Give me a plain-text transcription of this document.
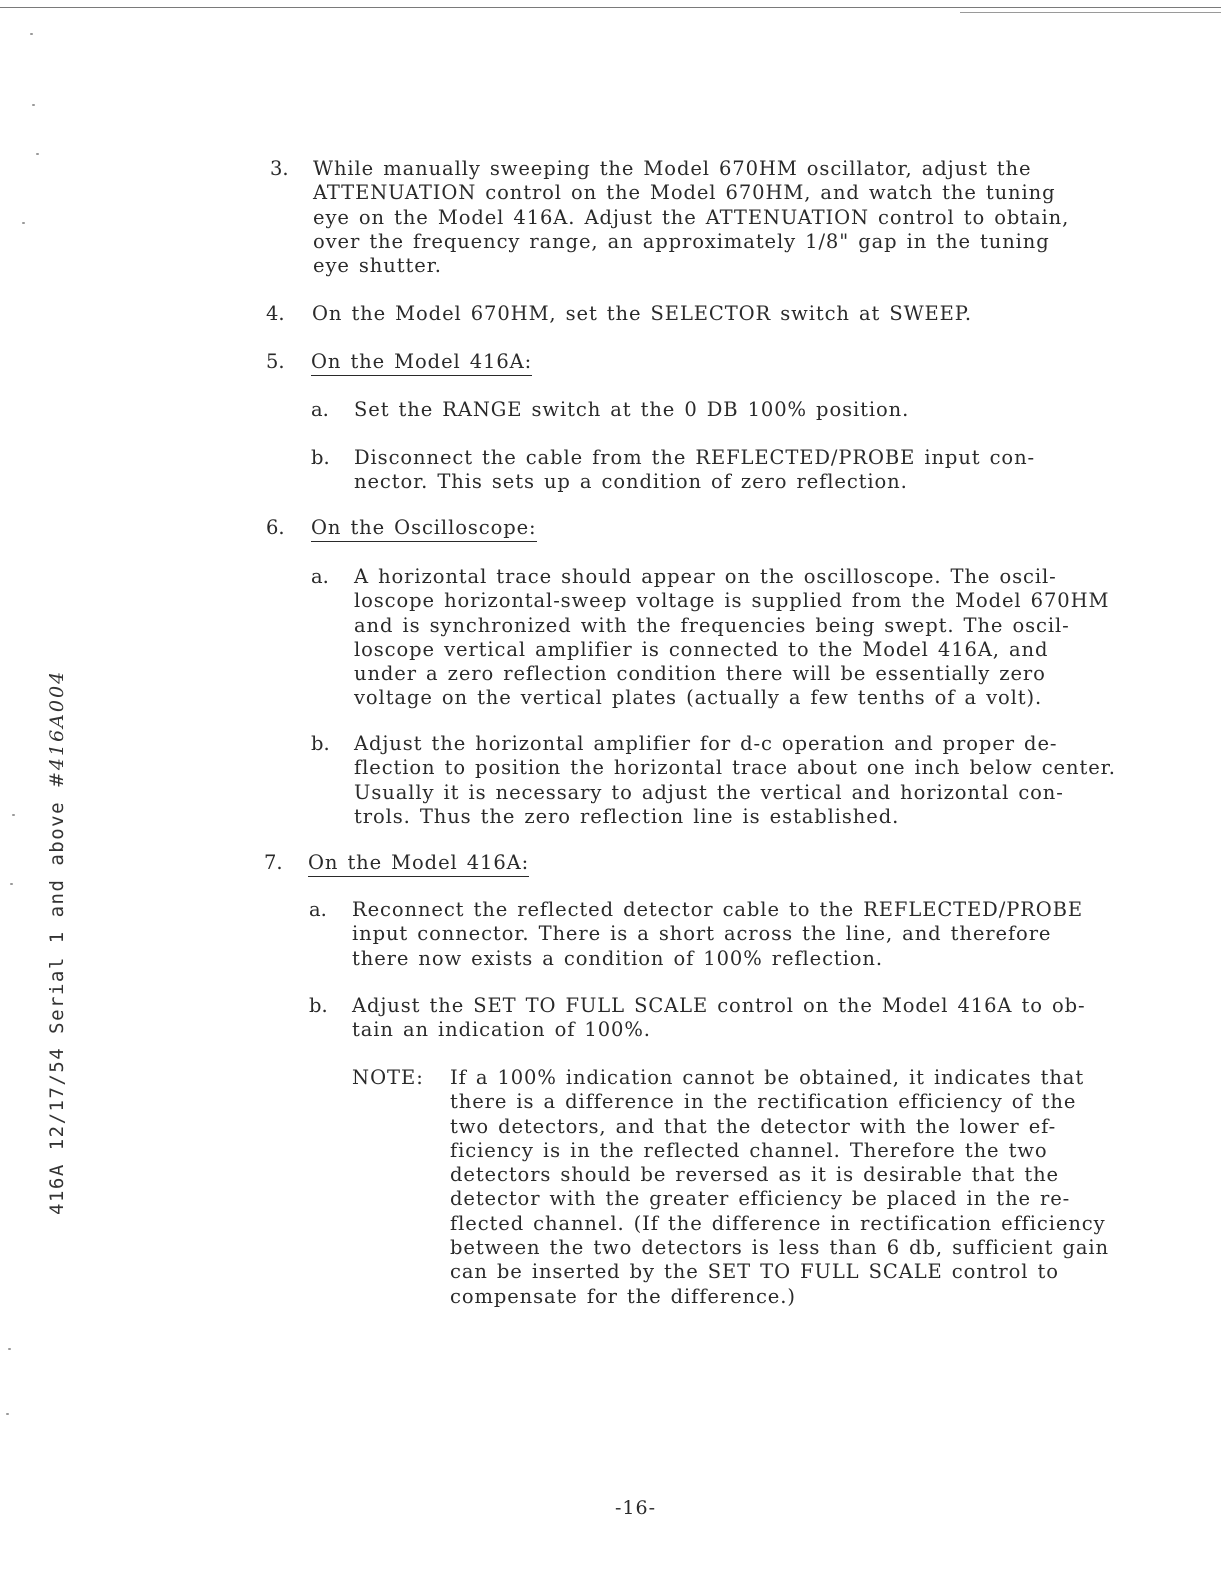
416A 12/17/54 Serial 1 and above #416A004
3. While manually sweeping the Model 670HM oscillator, adjust the
ATTENUATION control on the Model 670HM, and watch the tuning
eye on the Model 416A. Adjust the ATTENUATION control to obtain,
over the frequency range, an approximately 1/8" gap in the tuning
eye shutter.
4. On the Model 670HM, set the SELECTOR switch at SWEEP.
5. On the Model 416A:
a. Set the RANGE switch at the 0 DB 100% position.
b. Disconnect the cable from the REFLECTED/PROBE input con-
nector. This sets up a condition of zero reflection.
6. On the Oscilloscope:
a. A horizontal trace should appear on the oscilloscope. The oscil-
loscope horizontal-sweep voltage is supplied from the Model 670HM
and is synchronized with the frequencies being swept. The oscil-
loscope vertical amplifier is connected to the Model 416A, and
under a zero reflection condition there will be essentially zero
voltage on the vertical plates (actually a few tenths of a volt).
b. Adjust the horizontal amplifier for d-c operation and proper de-
flection to position the horizontal trace about one inch below center.
Usually it is necessary to adjust the vertical and horizontal con-
trols. Thus the zero reflection line is established.
7. On the Model 416A:
a. Reconnect the reflected detector cable to the REFLECTED/PROBE
input connector. There is a short across the line, and therefore
there now exists a condition of 100% reflection.
b. Adjust the SET TO FULL SCALE control on the Model 416A to ob-
tain an indication of 100%.
NOTE: If a 100% indication cannot be obtained, it indicates that
there is a difference in the rectification efficiency of the
two detectors, and that the detector with the lower ef-
ficiency is in the reflected channel. Therefore the two
detectors should be reversed as it is desirable that the
detector with the greater efficiency be placed in the re-
flected channel. (If the difference in rectification efficiency
between the two detectors is less than 6 db, sufficient gain
can be inserted by the SET TO FULL SCALE control to
compensate for the difference.)
-16-
